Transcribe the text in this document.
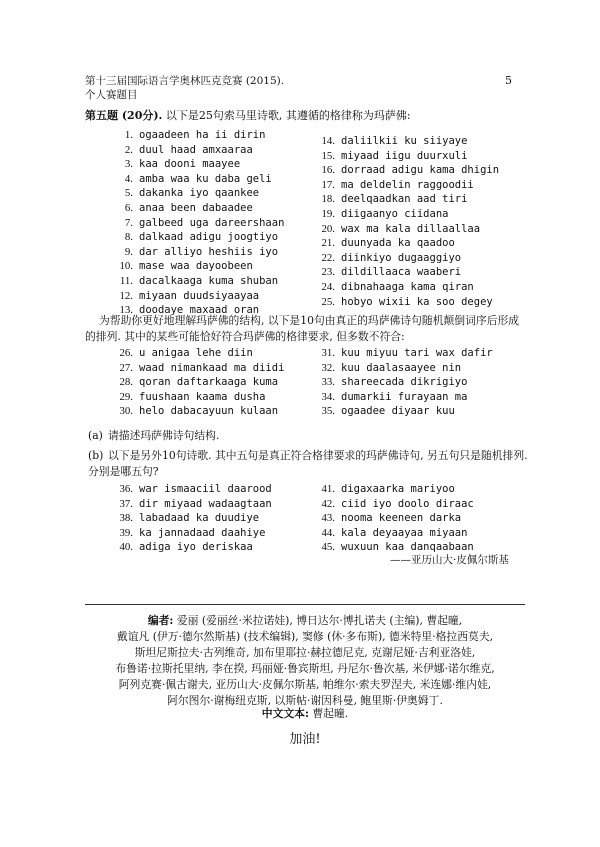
第十三届国际语言学奥林匹克竞赛 (2015).
个人赛题目
5
第五题 (20分). 以下是25句索马里诗歌, 其遵循的格律称为玛萨佛:
1. ogaadeen ha ii dirin
2. duul haad amxaaraa
3. kaa dooni maayee
4. amba waa ku daba geli
5. dakanka iyo qaankee
6. anaa been dabaadee
7. galbeed uga dareershaan
8. dalkaad adigu joogtiyo
9. dar alliyo heshiis iyo
10. mase waa dayoobeen
11. dacalkaaga kuma shuban
12. miyaan duudsiyaayaa
13. doodaye maxaad oran
14. daliilkii ku siiyaye
15. miyaad iigu duurxuli
16. dorraad adigu kama dhigin
17. ma deldelin raggoodii
18. deelqaadkan aad tiri
19. diigaanyo ciidana
20. wax ma kala dillaallaa
21. duunyada ka qaadoo
22. diinkiyo dugaaggiyo
23. dildillaaca waaberi
24. dibnahaaga kama qiran
25. hobyo wixii ka soo degey
为帮助你更好地理解玛萨佛的结构, 以下是10句由真正的玛萨佛诗句随机颠倒词序后形成的排列. 其中的某些可能恰好符合玛萨佛的格律要求, 但多数不符合:
26. u anigaa lehe diin
27. waad nimankaad ma diidi
28. qoran daftarkaaga kuma
29. fuushaan kaama dusha
30. helo dabacayuun kulaan
31. kuu miyuu tari wax dafir
32. kuu daalasaayee nin
33. shareecada dikrigiyo
34. dumarkii furayaan ma
35. ogaadee diyaar kuu
(a) 请描述玛萨佛诗句结构.
(b) 以下是另外10句诗歌. 其中五句是真正符合格律要求的玛萨佛诗句, 另五句只是随机排列. 分别是哪五句?
36. war ismaaciil daarood
37. dir miyaad wadaagtaan
38. labadaad ka duudiye
39. ka jannadaad daahiye
40. adiga iyo deriskaa
41. digaxaarka mariyoo
42. ciid iyo doolo diraac
43. nooma keeneen darka
44. kala deyaayaa miyaan
45. wuxuun kaa danqaabaan
——亚历山大·皮佩尔斯基
编者: 爱丽 (爱丽丝·米拉诺娃), 博日达尔·博扎诺夫 (主编), 曹起曈,
戴谊凡 (伊万·德尔然斯基) (技术编辑), 窦修 (休·多布斯), 德米特里·格拉西莫夫,
斯坦尼斯拉夫·古列维奇, 加布里耶拉·赫拉德尼克, 克谢尼娅·吉利亚洛娃,
布鲁诺·拉斯托里纳, 李在揆, 玛丽娅·鲁宾斯坦, 丹尼尔·鲁次基, 米伊娜·诺尔维克,
阿列克赛·佩古谢夫, 亚历山大·皮佩尔斯基, 帕维尔·索夫罗涅夫, 米连娜·维内娃,
阿尔图尔·谢梅纽克斯, 以斯帖·谢因科曼, 鲍里斯·伊奥姆丁.
中文文本: 曹起曈.
加油!
